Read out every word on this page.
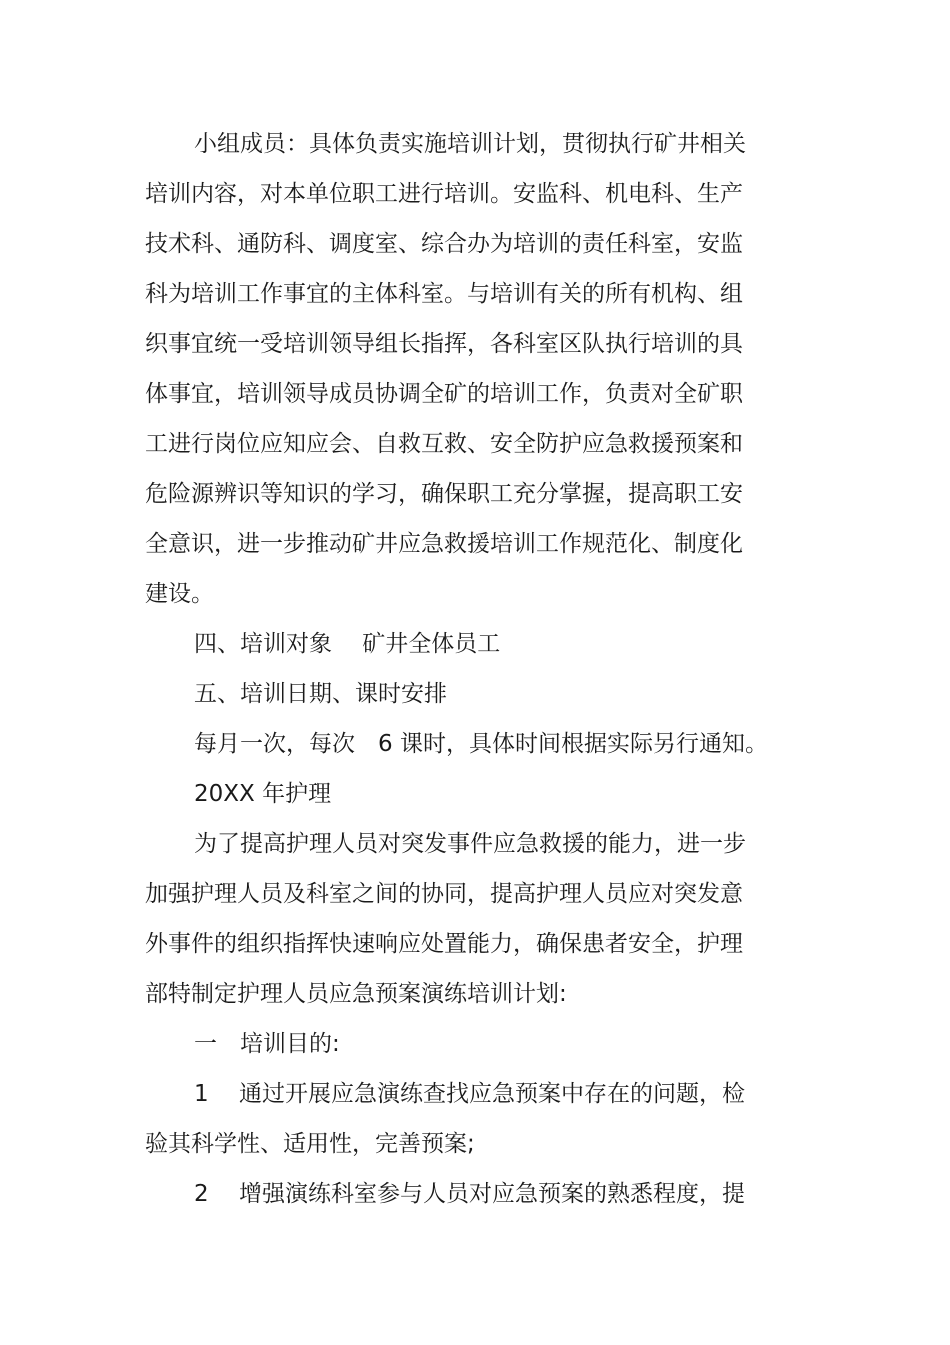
小组成员：具体负责实施培训计划，贯彻执行矿井相关
培训内容，对本单位职工进行培训。安监科、机电科、生产
技术科、通防科、调度室、综合办为培训的责任科室，安监
科为培训工作事宜的主体科室。与培训有关的所有机构、组
织事宜统一受培训领导组长指挥，各科室区队执行培训的具
体事宜，培训领导成员协调全矿的培训工作，负责对全矿职
工进行岗位应知应会、自救互救、安全防护应急救援预案和
危险源辨识等知识的学习，确保职工充分掌握，提高职工安
全意识，进一步推动矿井应急救援培训工作规范化、制度化
建设。
四、培训对象　 矿井全体员工
五、培训日期、课时安排
每月一次，每次　6 课时，具体时间根据实际另行通知。
20XX 年护理
为了提高护理人员对突发事件应急救援的能力，进一步
加强护理人员及科室之间的协同，提高护理人员应对突发意
外事件的组织指挥快速响应处置能力，确保患者安全，护理
部特制定护理人员应急预案演练培训计划:
一　培训目的:
1　 通过开展应急演练查找应急预案中存在的问题，检
验其科学性、适用性，完善预案;
2　 增强演练科室参与人员对应急预案的熟悉程度，提
